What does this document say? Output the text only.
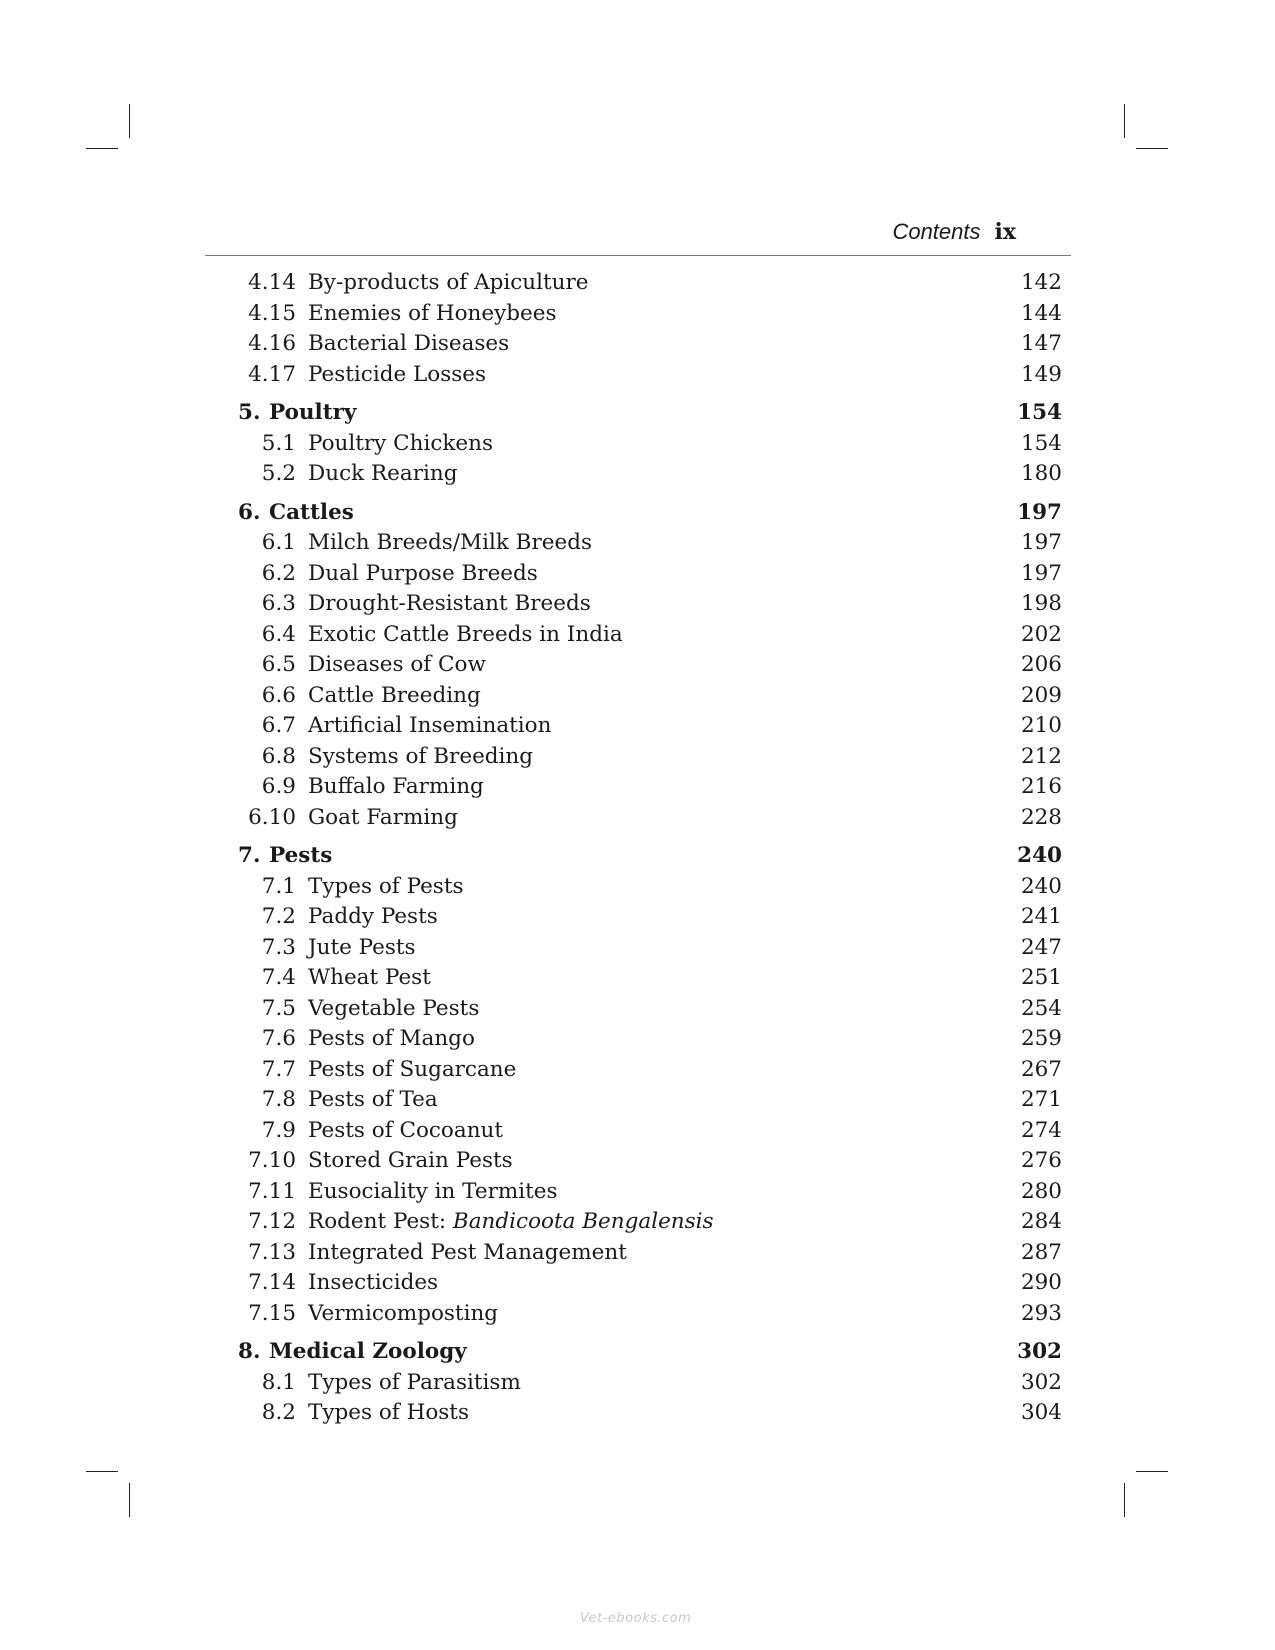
Contents ix
4.14 By-products of Apiculture	142
4.15 Enemies of Honeybees	144
4.16 Bacterial Diseases	147
4.17 Pesticide Losses	149
5. Poultry	154
5.1 Poultry Chickens	154
5.2 Duck Rearing	180
6. Cattles	197
6.1 Milch Breeds/Milk Breeds	197
6.2 Dual Purpose Breeds	197
6.3 Drought-Resistant Breeds	198
6.4 Exotic Cattle Breeds in India	202
6.5 Diseases of Cow	206
6.6 Cattle Breeding	209
6.7 Artificial Insemination	210
6.8 Systems of Breeding	212
6.9 Buffalo Farming	216
6.10 Goat Farming	228
7. Pests	240
7.1 Types of Pests	240
7.2 Paddy Pests	241
7.3 Jute Pests	247
7.4 Wheat Pest	251
7.5 Vegetable Pests	254
7.6 Pests of Mango	259
7.7 Pests of Sugarcane	267
7.8 Pests of Tea	271
7.9 Pests of Cocoanut	274
7.10 Stored Grain Pests	276
7.11 Eusociality in Termites	280
7.12 Rodent Pest: Bandicoota Bengalensis	284
7.13 Integrated Pest Management	287
7.14 Insecticides	290
7.15 Vermicomposting	293
8. Medical Zoology	302
8.1 Types of Parasitism	302
8.2 Types of Hosts	304
Vet-ebooks.com
